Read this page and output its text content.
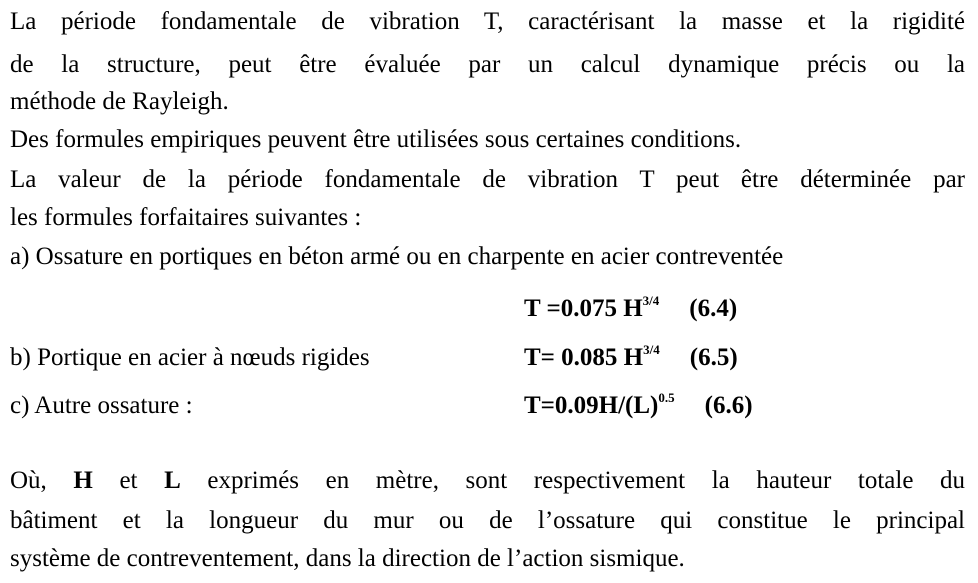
La période fondamentale de vibration T, caractérisant la masse et la rigidité
de la structure, peut être évaluée par un calcul dynamique précis ou la
méthode de Rayleigh.
Des formules empiriques peuvent être utilisées sous certaines conditions.
La valeur de la période fondamentale de vibration T peut être déterminée par
les formules forfaitaires suivantes :
a) Ossature en portiques en béton armé ou en charpente en acier contreventée
T =0.075 $H^{3/4}$ (6.4)
b) Portique en acier à nœuds rigides	T= 0.085 $H^{3/4}$ (6.5)
c) Autre ossature :	$T=0.09H/(L)^{0.5}$ (6.6)
Où, H et L exprimés en mètre, sont respectivement la hauteur totale du
bâtiment et la longueur du mur ou de l’ossature qui constitue le principal
système de contreventement, dans la direction de l’action sismique.
